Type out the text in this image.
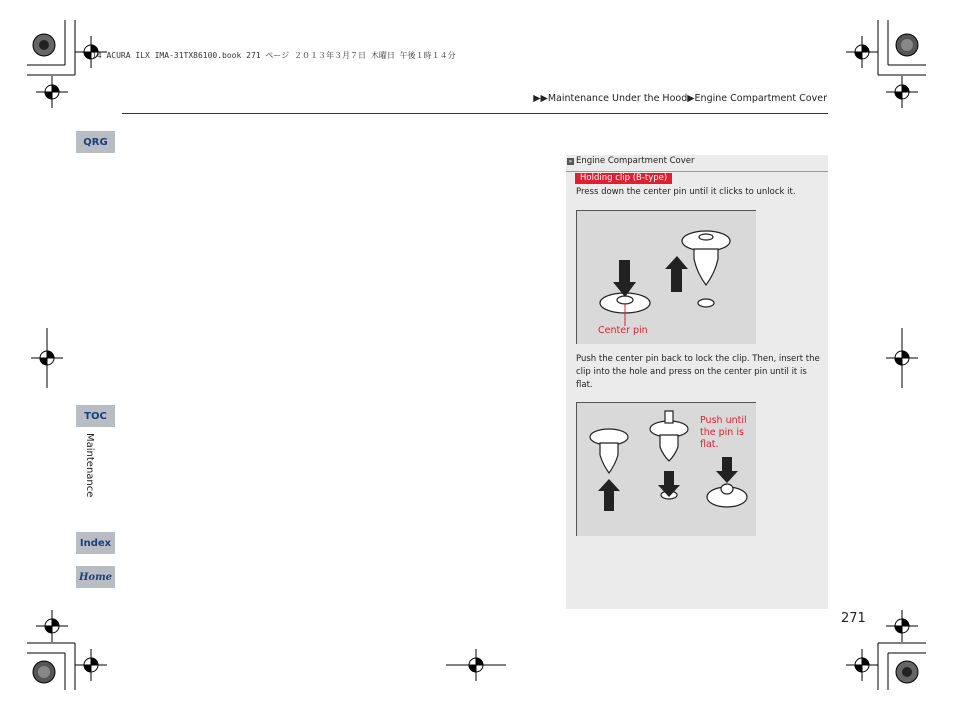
14 ACURA ILX IMA-31TX86100.book 271 ページ ２０１３年３月７日 木曜日 午後１時１４分
▶▶Maintenance Under the Hood▶Engine Compartment Cover
QRG
TOC
Maintenance
Index
Home
» Engine Compartment Cover
Holding clip (B-type)
Press down the center pin until it clicks to unlock it.
Center pin
Push the center pin back to lock the clip. Then, insert the clip into the hole and press on the center pin until it is flat.
Push until the pin is flat.
271
